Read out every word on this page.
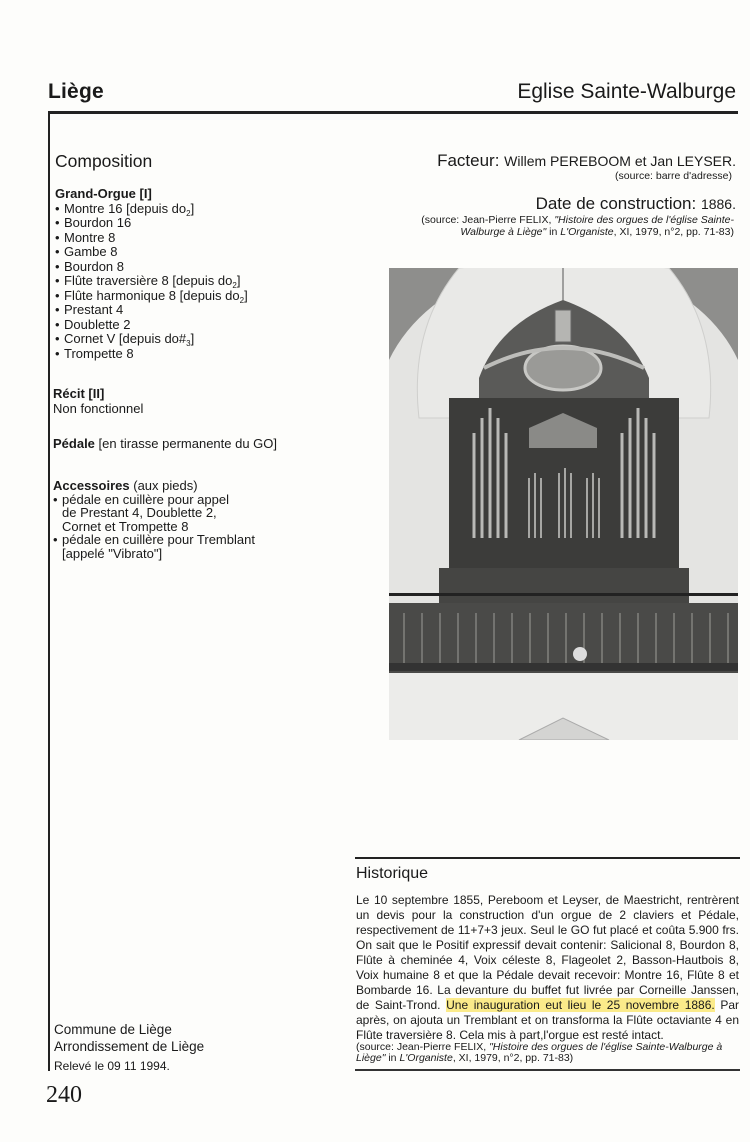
Liège	Eglise Sainte-Walburge
Composition
Grand-Orgue [I]
• Montre 16 [depuis $do_2$]
• Bourdon 16
• Montre 8
• Gambe 8
• Bourdon 8
• Flûte traversière 8 [depuis $do_2$]
• Flûte harmonique 8 [depuis $do_2$]
• Prestant 4
• Doublette 2
• Cornet V [depuis $do\#_3$]
• Trompette 8
Récit [II]
Non fonctionnel
Pédale [en tirasse permanente du GO]
Accessoires (aux pieds)
• pédale en cuillère pour appel
de Prestant 4, Doublette 2,
Cornet et Trompette 8
• pédale en cuillère pour Tremblant
[appelé "Vibrato"]
Facteur: Willem PEREBOOM et Jan LEYSER.
(source: barre d'adresse)
Date de construction: 1886.
(source: Jean-Pierre FELIX, "Histoire des orgues de l'église Sainte-
Walburge à Liège" in L'Organiste, XI, 1979, n°2, pp. 71-83)
Historique
Le 10 septembre 1855, Pereboom et Leyser, de Maestricht, rentrèrent un devis pour la construction d'un orgue de 2 claviers et Pédale, respectivement de 11+7+3 jeux. Seul le GO fut placé et coûta 5.900 frs. On sait que le Positif expressif devait contenir: Salicional 8, Bourdon 8, Flûte à cheminée 4, Voix céleste 8, Flageolet 2, Basson-Hautbois 8, Voix humaine 8 et que la Pédale devait recevoir: Montre 16, Flûte 8 et Bombarde 16. La devanture du buffet fut livrée par Corneille Janssen, de Saint-Trond. Une inauguration eut lieu le 25 novembre 1886. Par après, on ajouta un Tremblant et on transforma la Flûte octaviante 4 en Flûte traversière 8. Cela mis à part,l'orgue est resté intact.
(source: Jean-Pierre FELIX, "Histoire des orgues de l'église Sainte-Walburge à Liège" in L'Organiste, XI, 1979, n°2, pp. 71-83)
Commune de Liège
Arrondissement de Liège
Relevé le 09 11 1994.
240
